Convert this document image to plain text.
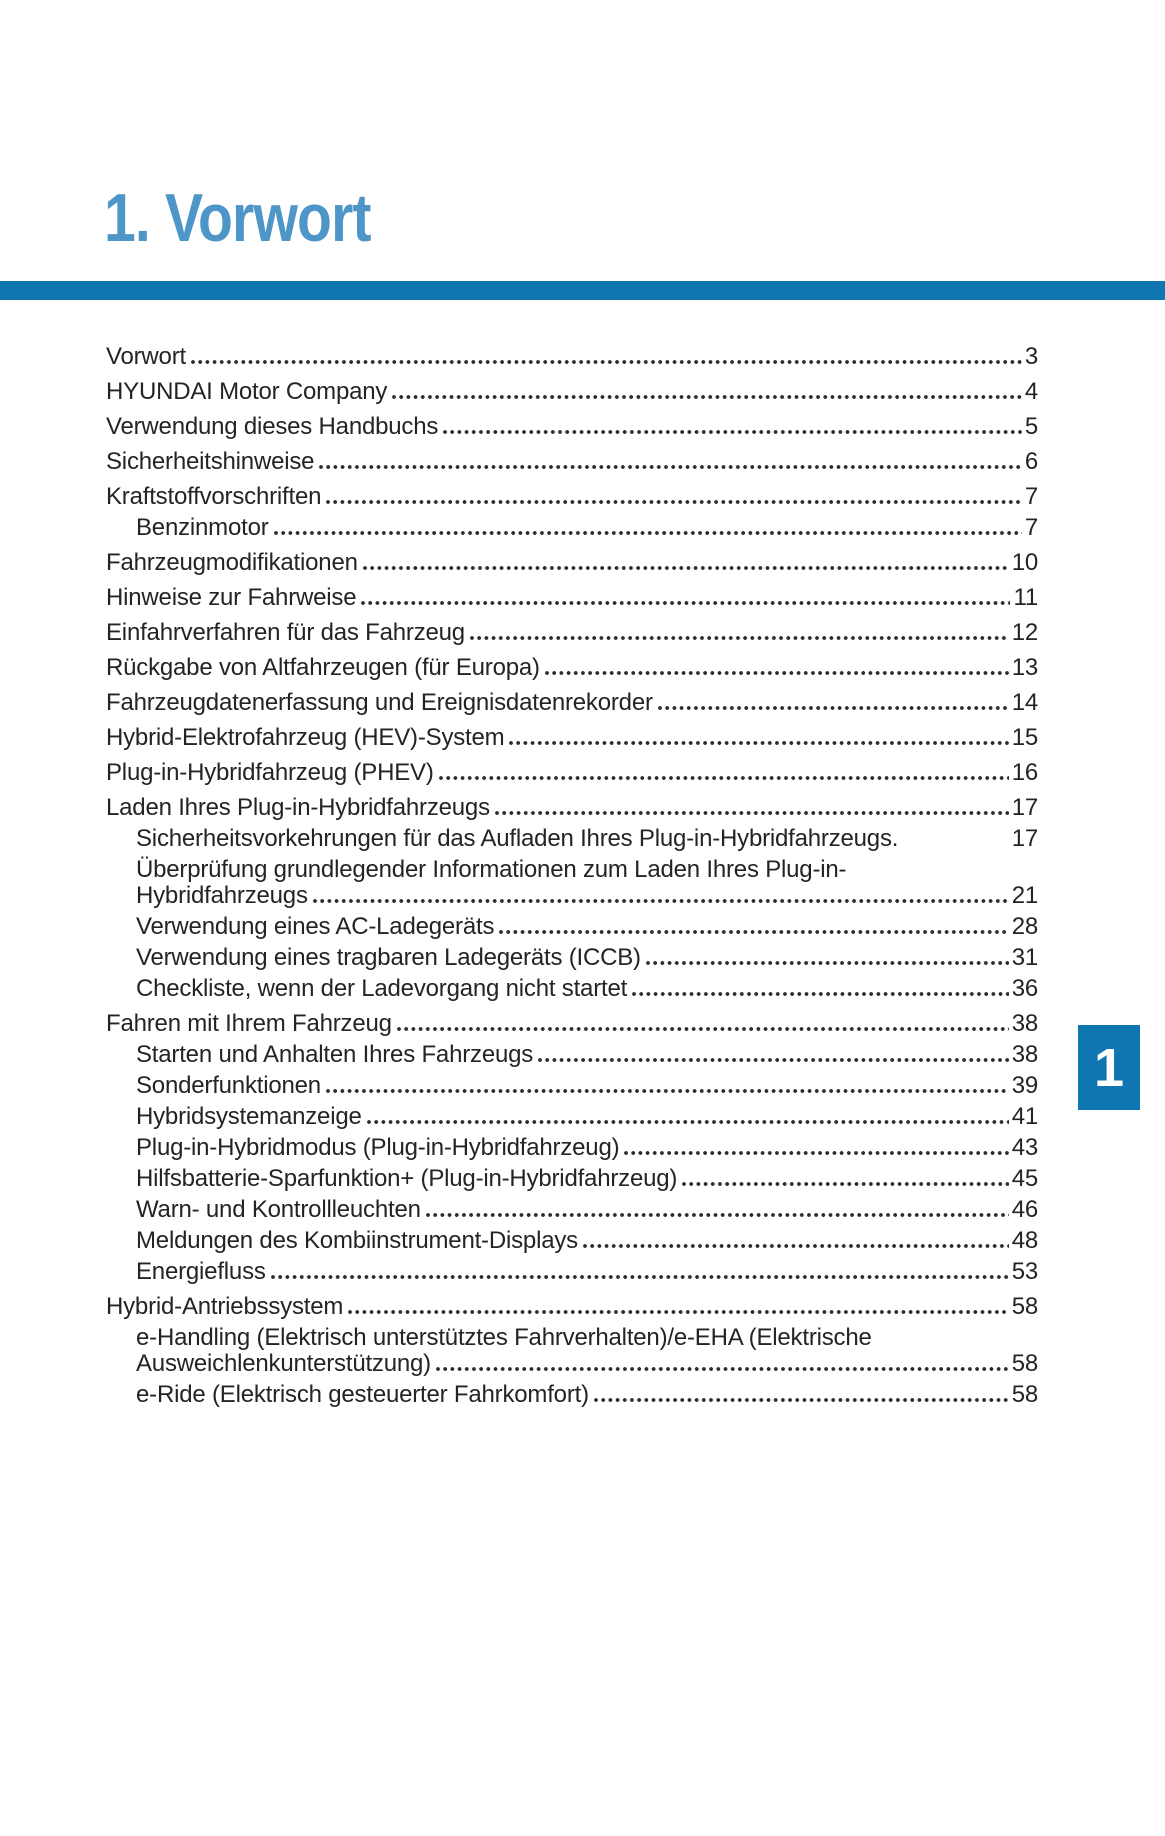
1. Vorwort
Vorwort	3
HYUNDAI Motor Company	4
Verwendung dieses Handbuchs	5
Sicherheitshinweise	6
Kraftstoffvorschriften	7
Benzinmotor	7
Fahrzeugmodifikationen	10
Hinweise zur Fahrweise	11
Einfahrverfahren für das Fahrzeug	12
Rückgabe von Altfahrzeugen (für Europa)	13
Fahrzeugdatenerfassung und Ereignisdatenrekorder	14
Hybrid-Elektrofahrzeug (HEV)-System	15
Plug-in-Hybridfahrzeug (PHEV)	16
Laden Ihres Plug-in-Hybridfahrzeugs	17
Sicherheitsvorkehrungen für das Aufladen Ihres Plug-in-Hybridfahrzeugs.	17
Überprüfung grundlegender Informationen zum Laden Ihres Plug-in-
Hybridfahrzeugs	21
Verwendung eines AC-Ladegeräts	28
Verwendung eines tragbaren Ladegeräts (ICCB)	31
Checkliste, wenn der Ladevorgang nicht startet	36
Fahren mit Ihrem Fahrzeug	38
Starten und Anhalten Ihres Fahrzeugs	38
Sonderfunktionen	39
Hybridsystemanzeige	41
Plug-in-Hybridmodus (Plug-in-Hybridfahrzeug)	43
Hilfsbatterie-Sparfunktion+ (Plug-in-Hybridfahrzeug)	45
Warn- und Kontrollleuchten	46
Meldungen des Kombiinstrument-Displays	48
Energiefluss	53
Hybrid-Antriebssystem	58
e-Handling (Elektrisch unterstütztes Fahrverhalten)/e-EHA (Elektrische
Ausweichlenkunterstützung)	58
e-Ride (Elektrisch gesteuerter Fahrkomfort)	58
1
